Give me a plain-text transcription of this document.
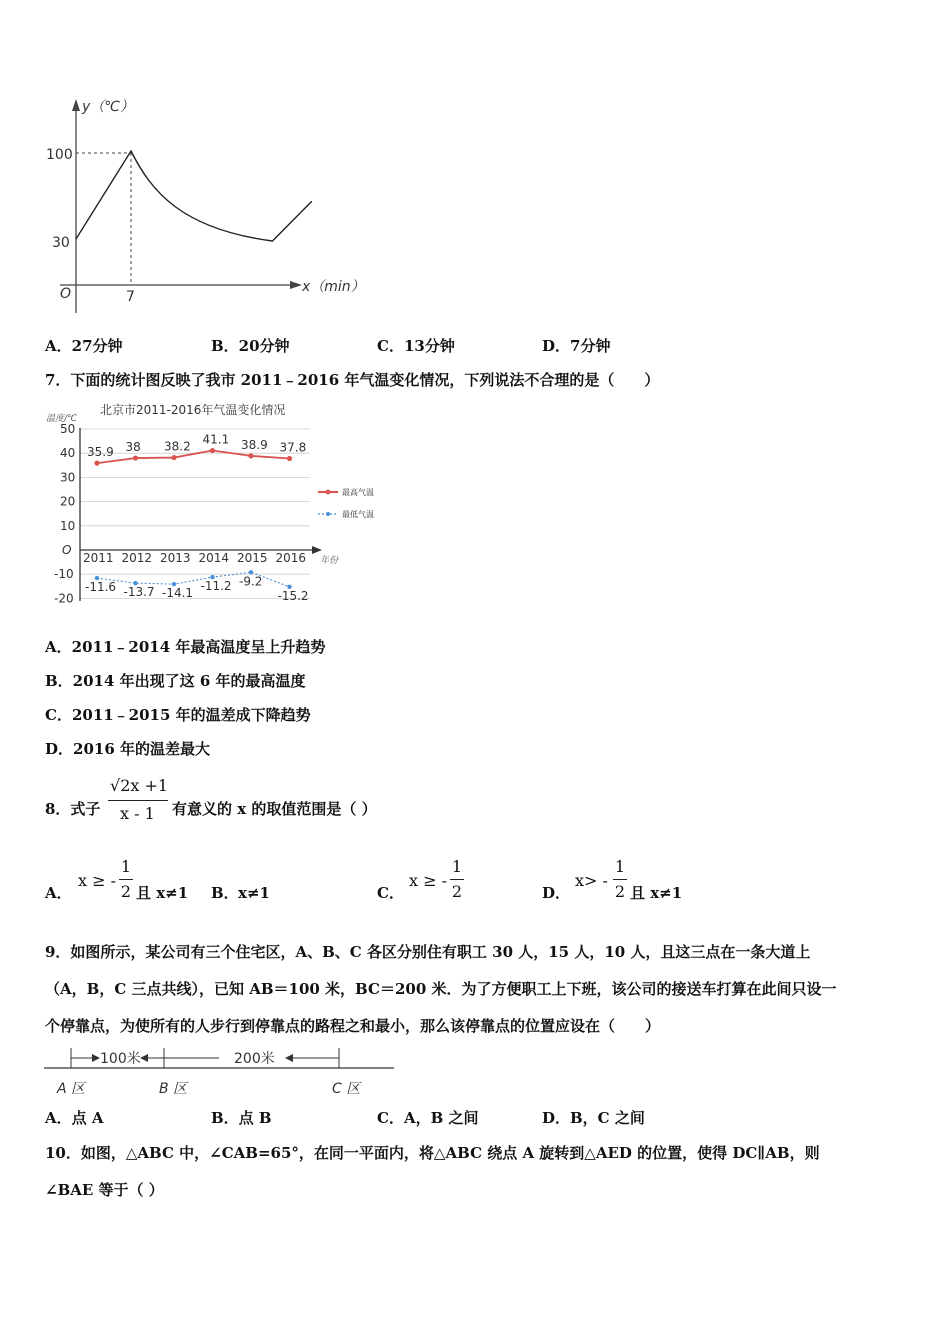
y（℃）
x（min）
O
100
30
7
A．27分钟	B．20分钟	C．13分钟	D．7分钟
7．下面的统计图反映了我市 2011﹣2016 年气温变化情况，下列说法不合理的是（　　）
北京市2011-2016年气温变化情况
温度/℃
年份
50
40
30
20
10
O
-10
-20
2011 2012 2013 2014 2015 2016
35.9 38 38.2
41.1 38.9 37.8
-11.6 -13.7 -14.1
-11.2 -9.2
-15.2
最高气温
最低气温
A．2011﹣2014 年最高温度呈上升趋势
B．2014 年出现了这 6 年的最高温度
C．2011﹣2015 年的温差成下降趋势
D．2016 年的温差最大
8．式子
√2x +1
x - 1 有意义的 x 的取值范围是（ ）
A．
x ≥ -
1
2 且 x≠1 B． x≠1	C．
x ≥ -
1
2	D．
x> -
1
2 且 x≠1
9．如图所示，某公司有三个住宅区，A、B、C 各区分别住有职工 30 人，15 人，10 人，且这三点在一条大道上
（A，B，C 三点共线），已知 AB＝100 米，BC＝200 米．为了方便职工上下班，该公司的接送车打算在此间只设一
个停靠点，为使所有的人步行到停靠点的路程之和最小，那么该停靠点的位置应设在（　　）
100米	200米
A 区	B 区	C 区
A．点 A	B．点 B	C．A，B 之间	D．B，C 之间
10．如图，△ABC 中，∠CAB=65°，在同一平面内，将△ABC 绕点 A 旋转到△AED 的位置，使得 DC∥AB，则
∠BAE 等于（ ）
